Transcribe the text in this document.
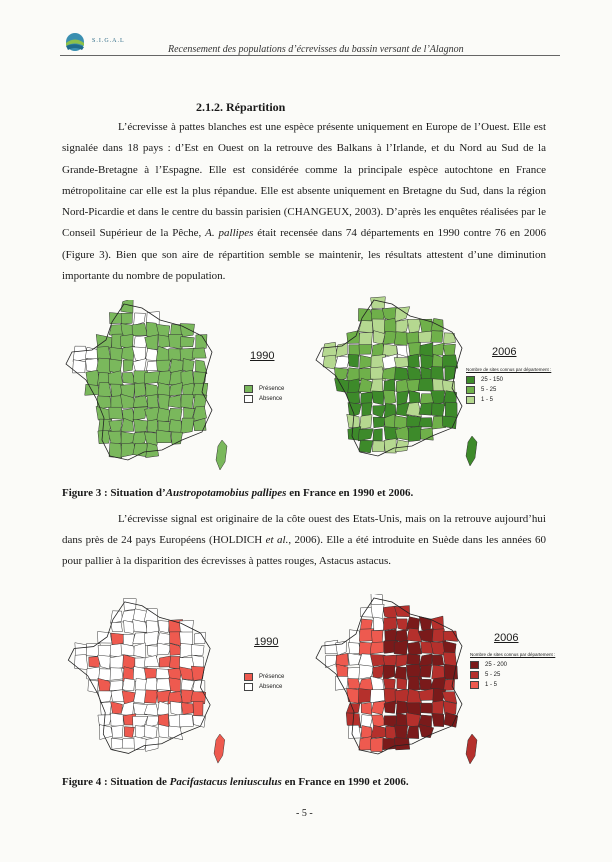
S.I.G.A.L
Recensement des populations d’écrevisses du bassin versant de l’Alagnon
2.1.2. Répartition

L’écrevisse à pattes blanches est une espèce présente uniquement en Europe de l’Ouest. Elle est signalée dans 18 pays : d’Est en Ouest on la retrouve des Balkans à l’Irlande, et du Nord au Sud de la Grande-Bretagne à l’Espagne. Elle est considérée comme la principale espèce autochtone en France métropolitaine car elle est la plus répandue. Elle est absente uniquement en Bretagne du Sud, dans la région Nord-Picardie et dans le centre du bassin parisien (CHANGEUX, 2003). D’après les enquêtes réalisées par le Conseil Supérieur de la Pêche, A. pallipes était recensée dans 74 départements en 1990 contre 76 en 2006 (Figure 3). Bien que son aire de répartition semble se maintenir, les résultats attestent d’une diminution importante du nombre de population.

1990
Présence
Absence
2006
Nombre de sites connus par département :
25 - 150
5 - 25
1 - 5
Figure 3 : Situation d’Austropotamobius pallipes en France en 1990 et 2006.

L’écrevisse signal est originaire de la côte ouest des Etats-Unis, mais on la retrouve aujourd’hui dans près de 24 pays Européens (HOLDICH et al., 2006). Elle a été introduite en Suède dans les années 60 pour pallier à la disparition des écrevisses à pattes rouges, Astacus astacus.

1990
Présence
Absence
2006
Nombre de sites connus par département :
25 - 200
5 - 25
1 - 5
Figure 4 : Situation de Pacifastacus leniusculus en France en 1990 et 2006.
- 5 -
